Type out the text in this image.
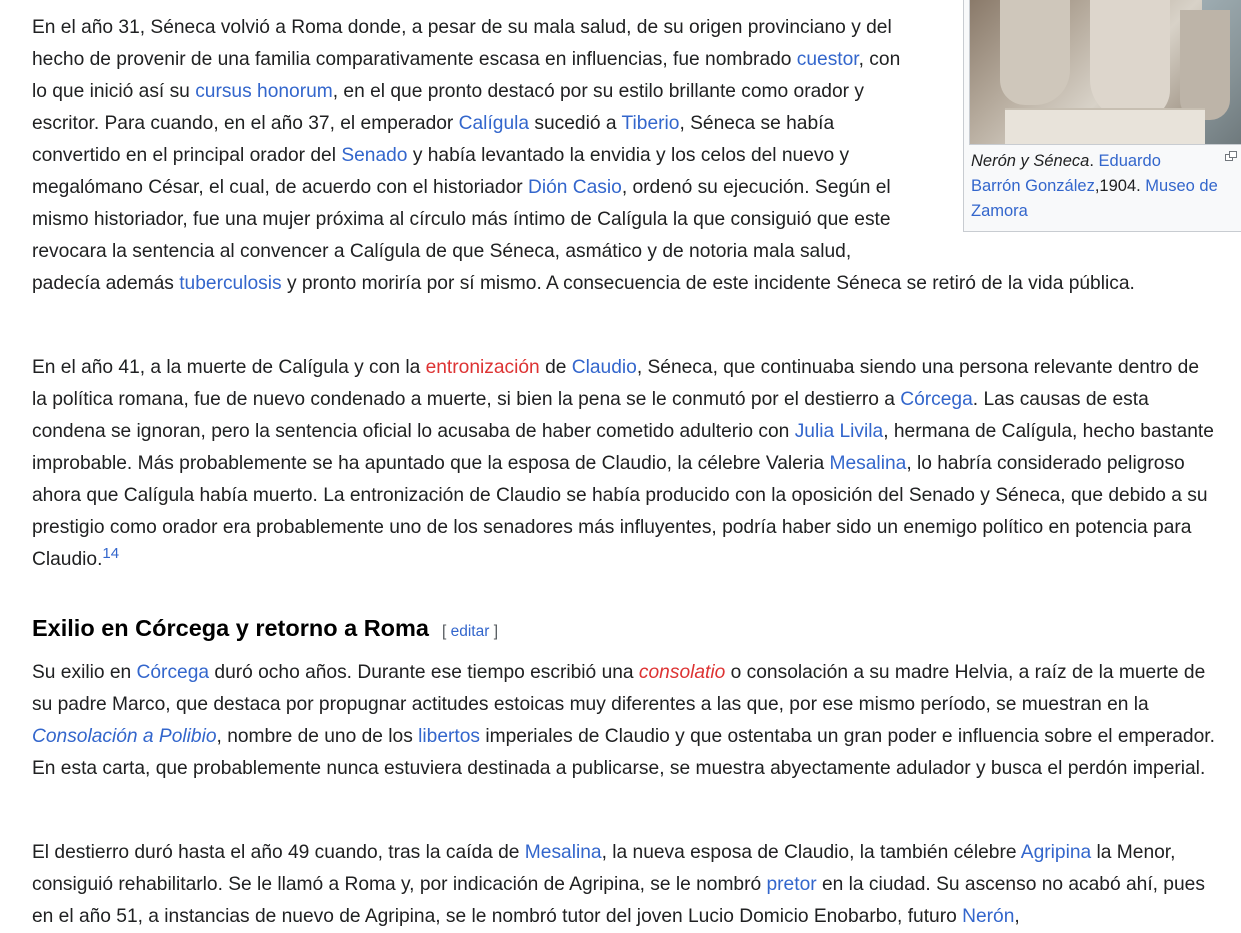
Nerón y Séneca. Eduardo
Barrón González,1904. Museo de
Zamora

En el año 31, Séneca volvió a Roma donde, a pesar de su mala salud, de su origen provinciano y del hecho de provenir de una familia comparativamente escasa en influencias, fue nombrado cuestor, con lo que inició así su cursus honorum, en el que pronto destacó por su estilo brillante como orador y escritor. Para cuando, en el año 37, el emperador Calígula sucedió a Tiberio, Séneca se había convertido en el principal orador del Senado y había levantado la envidia y los celos del nuevo y megalómano César, el cual, de acuerdo con el historiador Dión Casio, ordenó su ejecución. Según el mismo historiador, fue una mujer próxima al círculo más íntimo de Calígula la que consiguió que este revocara la sentencia al convencer a Calígula de que Séneca, asmático y de notoria mala salud, padecía además tuberculosis y pronto moriría por sí mismo. A consecuencia de este incidente Séneca se retiró de la vida pública.

En el año 41, a la muerte de Calígula y con la entronización de Claudio, Séneca, que continuaba siendo una persona relevante dentro de la política romana, fue de nuevo condenado a muerte, si bien la pena se le conmutó por el destierro a Córcega. Las causas de esta condena se ignoran, pero la sentencia oficial lo acusaba de haber cometido adulterio con Julia Livila, hermana de Calígula, hecho bastante improbable. Más probablemente se ha apuntado que la esposa de Claudio, la célebre Valeria Mesalina, lo habría considerado peligroso ahora que Calígula había muerto. La entronización de Claudio se había producido con la oposición del Senado y Séneca, que debido a su prestigio como orador era probablemente uno de los senadores más influyentes, podría haber sido un enemigo político en potencia para Claudio.$^{14}$

Exilio en Córcega y retorno a Roma [ editar ]

Su exilio en Córcega duró ocho años. Durante ese tiempo escribió una consolatio o consolación a su madre Helvia, a raíz de la muerte de su padre Marco, que destaca por propugnar actitudes estoicas muy diferentes a las que, por ese mismo período, se muestran en la Consolación a Polibio, nombre de uno de los libertos imperiales de Claudio y que ostentaba un gran poder e influencia sobre el emperador. En esta carta, que probablemente nunca estuviera destinada a publicarse, se muestra abyectamente adulador y busca el perdón imperial.

El destierro duró hasta el año 49 cuando, tras la caída de Mesalina, la nueva esposa de Claudio, la también célebre Agripina la Menor, consiguió rehabilitarlo. Se le llamó a Roma y, por indicación de Agripina, se le nombró pretor en la ciudad. Su ascenso no acabó ahí, pues en el año 51, a instancias de nuevo de Agripina, se le nombró tutor del joven Lucio Domicio Enobarbo, futuro Nerón,
